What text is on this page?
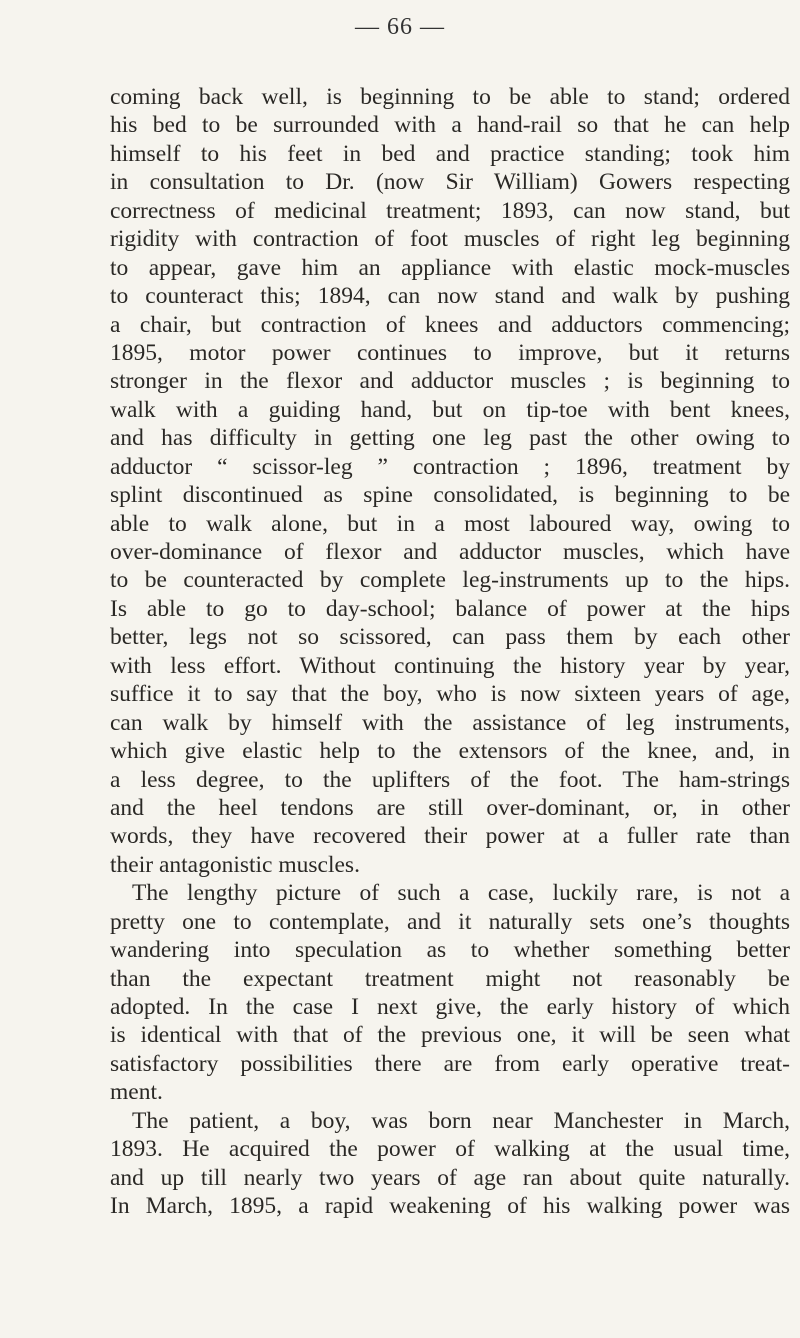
— 66 —
coming back well, is beginning to be able to stand; ordered
his bed to be surrounded with a hand-rail so that he can help
himself to his feet in bed and practice standing; took him
in consultation to Dr. (now Sir William) Gowers respecting
correctness of medicinal treatment; 1893, can now stand, but
rigidity with contraction of foot muscles of right leg beginning
to appear, gave him an appliance with elastic mock-muscles
to counteract this; 1894, can now stand and walk by pushing
a chair, but contraction of knees and adductors commencing;
1895, motor power continues to improve, but it returns
stronger in the flexor and adductor muscles ; is beginning to
walk with a guiding hand, but on tip-toe with bent knees,
and has difficulty in getting one leg past the other owing to
adductor “ scissor-leg ” contraction ; 1896, treatment by
splint discontinued as spine consolidated, is beginning to be
able to walk alone, but in a most laboured way, owing to
over-dominance of flexor and adductor muscles, which have
to be counteracted by complete leg-instruments up to the hips.
Is able to go to day-school; balance of power at the hips
better, legs not so scissored, can pass them by each other
with less effort. Without continuing the history year by year,
suffice it to say that the boy, who is now sixteen years of age,
can walk by himself with the assistance of leg instruments,
which give elastic help to the extensors of the knee, and, in
a less degree, to the uplifters of the foot. The ham-strings
and the heel tendons are still over-dominant, or, in other
words, they have recovered their power at a fuller rate than
their antagonistic muscles.
The lengthy picture of such a case, luckily rare, is not a
pretty one to contemplate, and it naturally sets one’s thoughts
wandering into speculation as to whether something better
than the expectant treatment might not reasonably be
adopted. In the case I next give, the early history of which
is identical with that of the previous one, it will be seen what
satisfactory possibilities there are from early operative treat-
ment.
The patient, a boy, was born near Manchester in March,
1893. He acquired the power of walking at the usual time,
and up till nearly two years of age ran about quite naturally.
In March, 1895, a rapid weakening of his walking power was
